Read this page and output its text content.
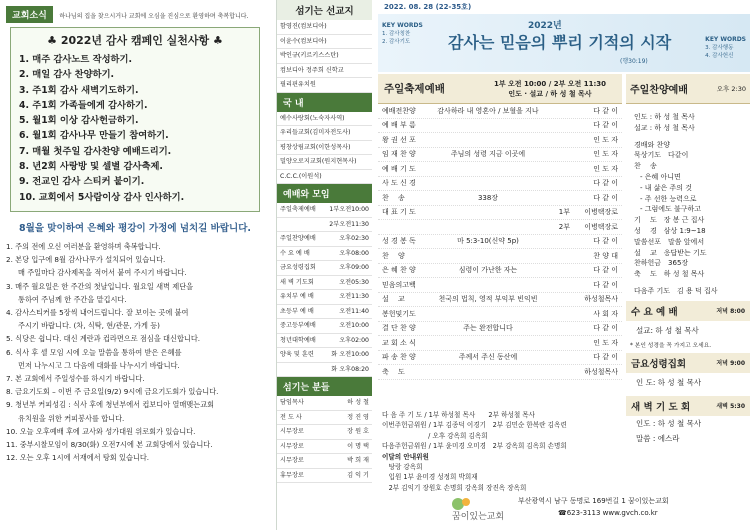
교회소식 하나님의 집을 찾으시거나 교회에 오심을 진심으로 환영하며 축복합니다.
♣ 2022년 감사 캠페인 실천사항 ♣
1. 매주 감사노트 작성하기.
2. 매일 감사 찬양하기.
3. 주1회 감사 새벽기도하기.
4. 주1회 가족들에게 감사하기.
5. 월1회 이상 감사헌금하기.
6. 월1회 감사나무 만들기 참여하기.
7. 매월 첫주일 감사찬양 예배드리기.
8. 년2회 사랑방 및 셀별 감사축제.
9. 전교인 감사 스티커 붙이기.
10. 교회에서 5사람이상 감사 인사하기.
8월을 맞이하여 은혜와 평강이 가정에 넘치길 바랍니다.
1. 주의 전에 오신 여러분을 환영하며 축복합니다.
2. 본당 입구에 8월 감사나무가 설치되어 있습니다.
매 주일마다 감사제목을 적어서 붙여 주시기 바랍니다.
3. 매주 월요일은 한 주간의 첫날입니다. 월요일 새벽 제단을
통하여 주님께 한 주간을 맡깁시다.
4. 감사스티커를 5장씩 내어드립니다. 잘 보이는 곳에 붙여
주시기 바랍니다. (차, 식탁, 현/관문, 가게 등)
5. 식당은 쉽니다. 대신 계란과 컵라면으로 점심을 대신합니다.
6. 식사 후 셀 모임 시에 오늘 말씀을 통하여 받은 은혜를
먼저 나누시고 그 다음에 대화를 나누시기 바랍니다.
7. 본 교회에서 주일성수를 하시기 바랍니다.
8. 금요기도회 – 이번 주 금요일(9/2) 9시에 금요기도회가 있습니다.
9. 청년부 커피성김 : 식사 후에 청년부에서 컵보디아 열매맺는교회
유치원을 위한 커피봉사를 합니다.
10. 오늘 오후예배 후에 교사와 성가대원 위로회가 있습니다.
11. 중부시찰모임이 8/30(화) 오전7시에 본 교회당에서 있습니다.
12. 오는 오후 1시에 서재에서 탕회 있습니다.
섬기는 선교지
함영진(컴보디아)
이윤수(컴보디아)
박인규(키르키스스탄)
컴보디아 정주희 신학교
필리핀유치원
국 내
예수사랑회(노숙자사역)
우리들교회(김미자전도사)
평창상림교회(이한성목사)
밀양오로지교회(원지현목사)
C.C.C.(이원석)
예배와 모임
주일축제예배 1부오전10:00
2부오전11:30
주일찬양예배	오후02:30
수 요 예 배	오후08:00
금요성령집회	오후09:00
새 벽 기도회	오전05:30
유치부 예 배	오전11:30
초등부 예 배	오전11:40
중고등부예배	오전10:00
청년대학예배	오후02:00
양육 및 훈련	화 오전10:00
화 오후08:20
섬기는 분들
담임목사	하 성 철
전 도 사	정 진 영
시무장로	장 원 호
시무장로	이 명 택
시무장로	박 희 재
휴무장로	김 익 기
2022. 08. 28 (22-35호)
KEY WORDS
1. 감사칭찬
2. 감사기도
2022년
감사는 믿음의 뿌리 기적의 시작
(행30:19)
KEY WORDS
3. 감사행동
4. 감사헌신
주일축제예배	1부 오전 10:00 / 2부 오전 11:30
인도 · 설교 / 하 성 철 목사
예배전찬양	감사하라 내 영혼아 / 보혈을 지나	다 같 이
예 배 부 름	다 같 이
왕 권 선 포	인 도 자
임 재 찬 양	주님의 성령 지금 이곳에	인 도 자
예 배 기 도	인 도 자
사 도 신 경	다 같 이
찬　 송	338장	다 같 이
대 표 기 도	1부	이병택장로
2부	이병택장로
성 경 봉 독	마 5:3-10(신약 5p)	다 같 이
찬　 양	찬 양 대
은 혜 찬 양	심령이 가난한 자는	다 같 이
믿음의고백	다 같 이
설　 교	천국의 법칙, 영적 부익부 빈익빈	하성철목사
봉헌및기도	사 회 자
결 단 찬 양	주는 완전합니다	다 같 이
교 회 소 식	인 도 자
파 송 찬 양	주께서 주신 동산에	다 같 이
축　 도	하성철목사
다 음 주 기 도 / 1부 하성철 목사　　2부 하성철 목사
이번주헌금위원 / 1부 김종덕 이경기　2부 김민순 한복란 김옥련
　　　　　　　/ 오후 강옥희 김옥희
다음주헌금위원 / 1부 윤미경 오미경　2부 강옥희 김옥희 손명희
이달의 안내위원
　탕랑 강옥희
　입원 1부 윤미경 성정희 박희재
　2부 김익기 장원호 손명희 강옥희 장진옥 장옥희
주일찬양예배	오후 2:30
인도 : 하 성 철 목사
설교 : 하 성 철 목사
경배와 찬양
묵상기도　다같이
찬　 송
- 은혜 아니면
- 내 삶은 주의 것
- 주 선한 능력으로
- 그럼에도 불구하고
기　 도　장 봉 근 집사
성　 경　삼상 1:9~18
말씀선포　말씀 앞에서
설　 교　응답받는 기도
찬하헌금　365장
축　 도　하 성 철 목사
다음주 기도　김 용 덕 집사
수 요 예 배	저녁 8:00
설교: 하 성 철 목사
* 본인 성경을 꼭 가지고 오세요.
금요성령집회	저녁 9:00
인 도: 하 성 철 목사
새 벽 기 도 회	새벽 5:30
인도 : 하 성 철 목사
말씀 : 에스라
꿈이있는교회
부산광역시 남구 동명로 169번길 1 꿈이있는교회
☎623-3113 www.gvch.co.kr
